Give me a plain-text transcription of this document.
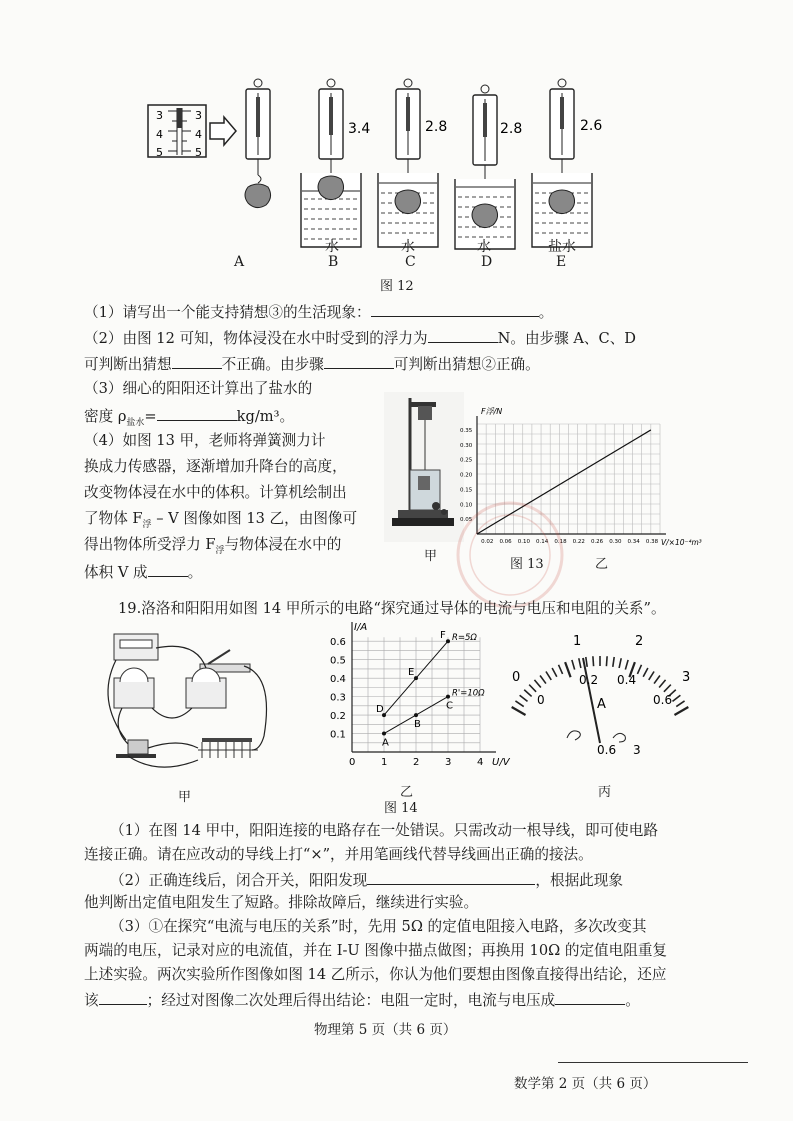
3
4
5
3
4
5
3.4	2.8	2.8	2.6
水	水	水	盐水
A	B	C	D	E
图 12
（1）请写出一个能支持猜想③的生活现象：	。
（2）由图 12 可知，物体浸没在水中时受到的浮力为	N。由步骤 A、C、D
可判断出猜想	不正确。由步骤	可判断出猜想②正确。
（3）细心的阳阳还计算出了盐水的
密度 $\rho_{盐水}=$	kg/m³。
（4）如图 13 甲，老师将弹簧测力计
换成力传感器，逐渐增加升降台的高度，
改变物体浸在水中的体积。计算机绘制出
了物体 $F_浮$ – V 图像如图 13 乙，由图像可
得出物体所受浮力 $F_浮$与物体浸在水中的
体积 V 成	。
甲
0.02 0.06 0.10 0.14 0.18 0.22 0.26 0.30 0.34 0.38
0.05
0.10
0.15
0.20
0.25
0.30
0.35
F浮/N
V/×10⁻⁴m³
图 13	乙
19.洛洛和阳阳用如图 14 甲所示的电路“探究通过导体的电流与电压和电阻的关系”。
甲
0	1	2	3	4
0.1
0.2
0.3
0.4
0.5
0.6
I/A
U/V
D
E
F R=5Ω
A
B
C
R'=10Ω
乙
图 14
0
1	2
3
0
0.2 0.4
0.6
A
0.6 3
丙
（1）在图 14 甲中，阳阳连接的电路存在一处错误。只需改动一根导线，即可使电路
连接正确。请在应改动的导线上打“×”，并用笔画线代替导线画出正确的接法。
（2）正确连线后，闭合开关，阳阳发现	，根据此现象
他判断出定值电阻发生了短路。排除故障后，继续进行实验。
（3）①在探究“电流与电压的关系”时，先用 5Ω 的定值电阻接入电路，多次改变其
两端的电压，记录对应的电流值，并在 I-U 图像中描点做图；再换用 10Ω 的定值电阻重复
上述实验。两次实验所作图像如图 14 乙所示，你认为他们要想由图像直接得出结论，还应
该	；经过对图像二次处理后得出结论：电阻一定时，电流与电压成	。
物理第 5 页（共 6 页）
数学第 2 页（共 6 页）
